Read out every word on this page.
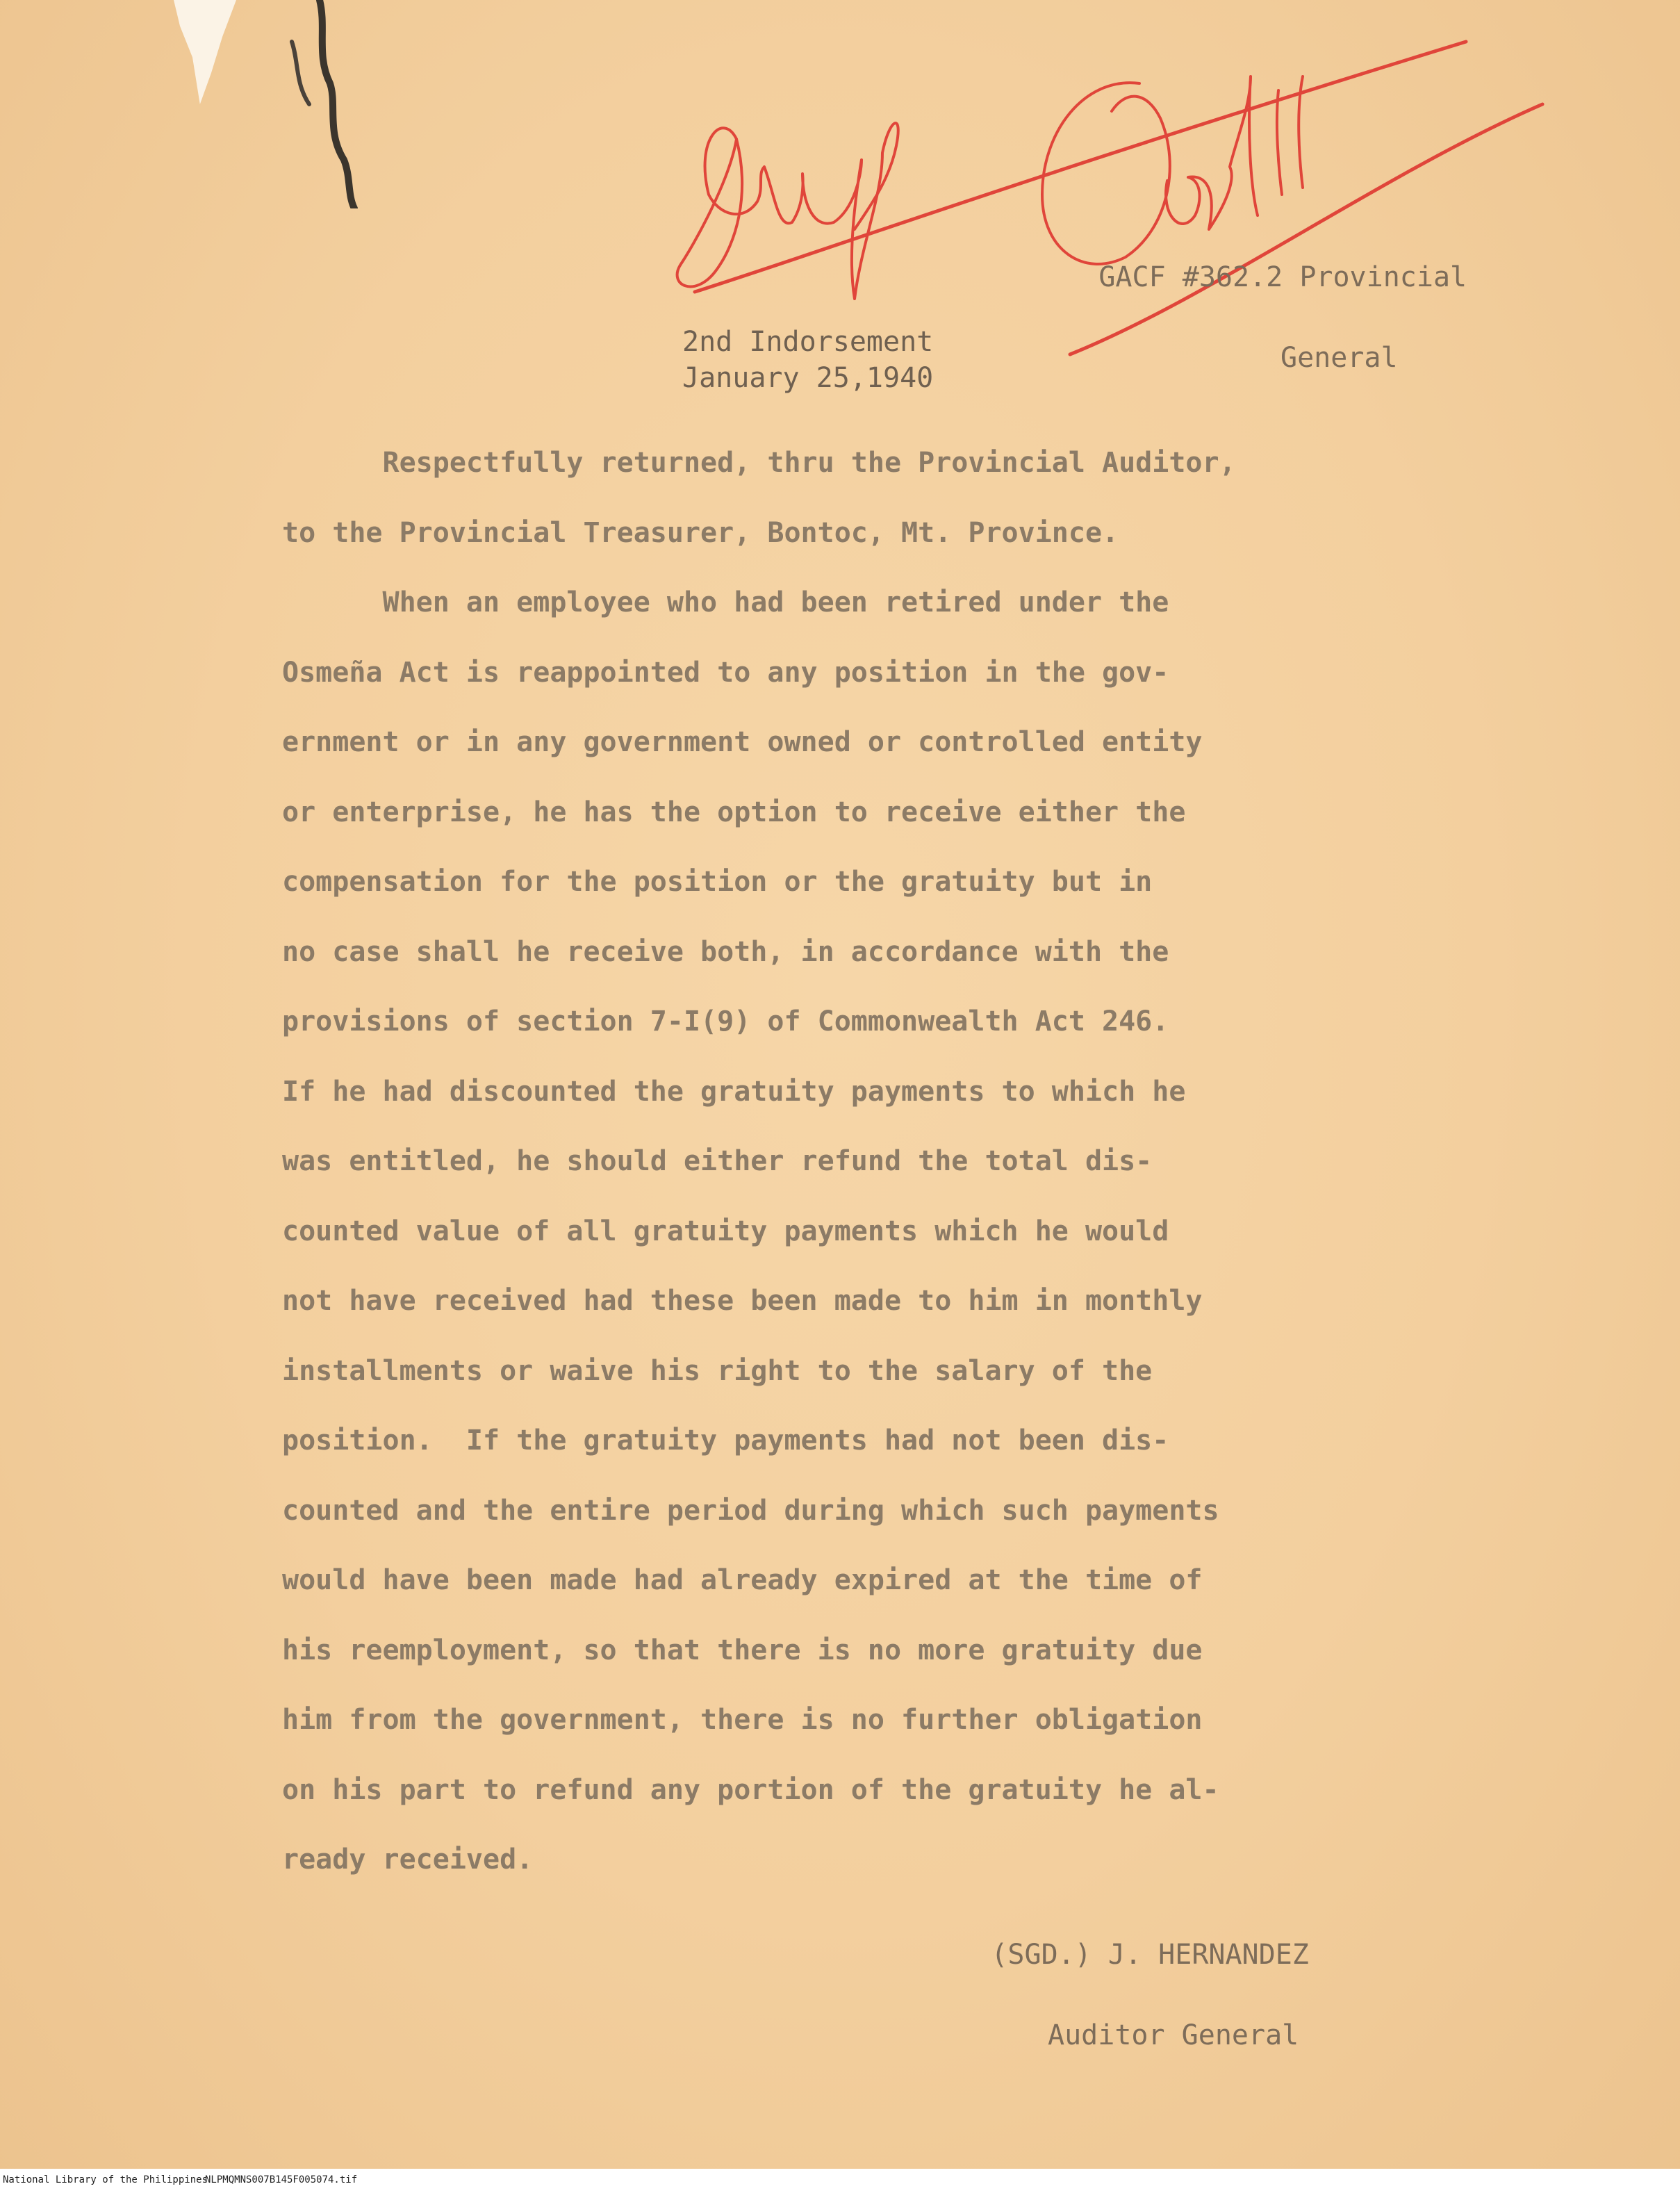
GACF #362.2 Provincial

General

2nd Indorsement
January 25,1940
Respectfully returned, thru the Provincial Auditor,
to the Provincial Treasurer, Bontoc, Mt. Province.
When an employee who had been retired under the
Osmeña Act is reappointed to any position in the gov-
ernment or in any government owned or controlled entity
or enterprise, he has the option to receive either the
compensation for the position or the gratuity but in
no case shall he receive both, in accordance with the
provisions of section 7-I(9) of Commonwealth Act 246.
If he had discounted the gratuity payments to which he
was entitled, he should either refund the total dis-
counted value of all gratuity payments which he would
not have received had these been made to him in monthly
installments or waive his right to the salary of the
position.  If the gratuity payments had not been dis-
counted and the entire period during which such payments
would have been made had already expired at the time of
his reemployment, so that there is no more gratuity due
him from the government, there is no further obligation
on his part to refund any portion of the gratuity he al-
ready received.

(SGD.) J. HERNANDEZ

Auditor General

National Library of the Philippines
NLPMQMNS007B145F005074.tif
